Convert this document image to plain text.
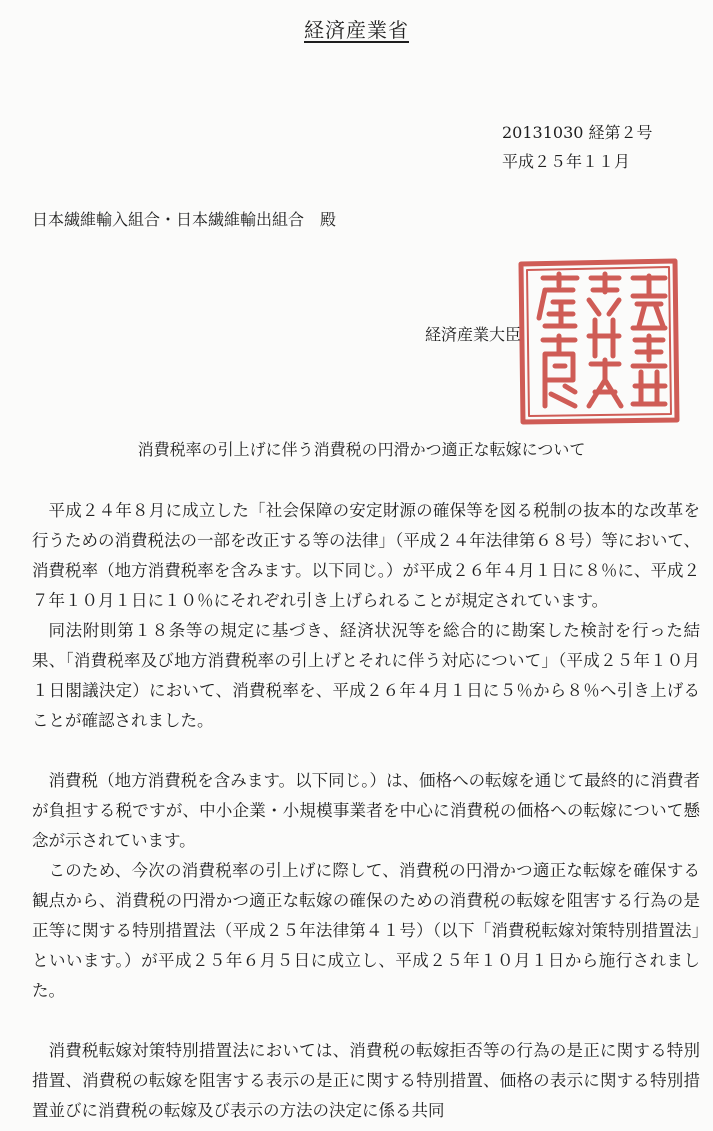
経済産業省
20131030 経第２号
平成２５年１１月
日本繊維輸入組合・日本繊維輸出組合　殿
経済産業大臣
消費税率の引上げに伴う消費税の円滑かつ適正な転嫁について

平成２４年８月に成立した「社会保障の安定財源の確保等を図る税制の抜本的な改革を行うための消費税法の一部を改正する等の法律」（平成２４年法律第６８号）等において、消費税率（地方消費税率を含みます。以下同じ。）が平成２６年４月１日に８％に、平成２７年１０月１日に１０％にそれぞれ引き上げられることが規定されています。

同法附則第１８条等の規定に基づき、経済状況等を総合的に勘案した検討を行った結果、「消費税率及び地方消費税率の引上げとそれに伴う対応について」（平成２５年１０月１日閣議決定）において、消費税率を、平成２６年４月１日に５％から８％へ引き上げることが確認されました。

消費税（地方消費税を含みます。以下同じ。）は、価格への転嫁を通じて最終的に消費者が負担する税ですが、中小企業・小規模事業者を中心に消費税の価格への転嫁について懸念が示されています。

このため、今次の消費税率の引上げに際して、消費税の円滑かつ適正な転嫁を確保する観点から、消費税の円滑かつ適正な転嫁の確保のための消費税の転嫁を阻害する行為の是正等に関する特別措置法（平成２５年法律第４１号）（以下「消費税転嫁対策特別措置法」といいます。）が平成２５年６月５日に成立し、平成２５年１０月１日から施行されました。

消費税転嫁対策特別措置法においては、消費税の転嫁拒否等の行為の是正に関する特別措置、消費税の転嫁を阻害する表示の是正に関する特別措置、価格の表示に関する特別措置並びに消費税の転嫁及び表示の方法の決定に係る共同
